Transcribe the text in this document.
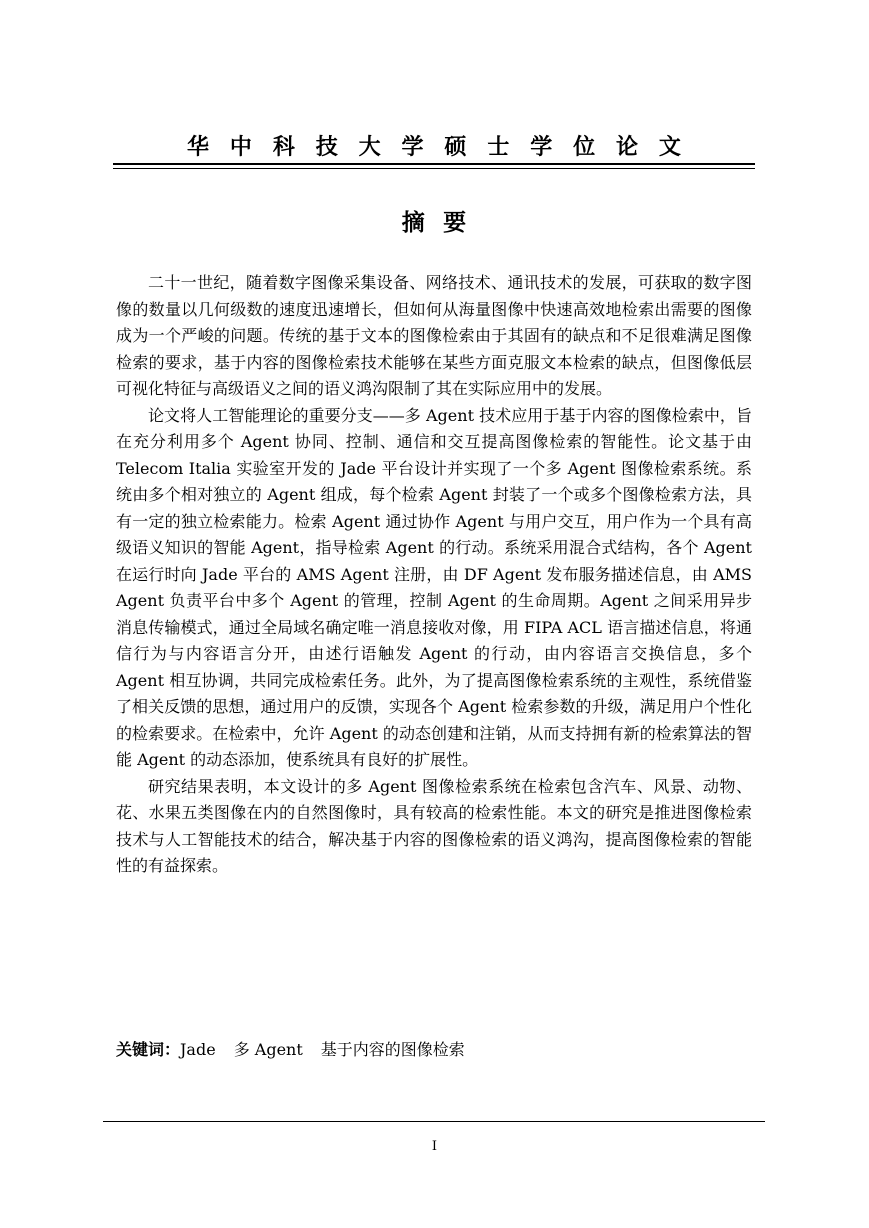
华中科技大学硕士学位论文
摘要

二十一世纪，随着数字图像采集设备、网络技术、通讯技术的发展，可获取的数字图像的数量以几何级数的速度迅速增长，但如何从海量图像中快速高效地检索出需要的图像成为一个严峻的问题。传统的基于文本的图像检索由于其固有的缺点和不足很难满足图像检索的要求，基于内容的图像检索技术能够在某些方面克服文本检索的缺点，但图像低层可视化特征与高级语义之间的语义鸿沟限制了其在实际应用中的发展。

论文将人工智能理论的重要分支——多 Agent 技术应用于基于内容的图像检索中，旨在充分利用多个 Agent 协同、控制、通信和交互提高图像检索的智能性。论文基于由 Telecom Italia 实验室开发的 Jade 平台设计并实现了一个多 Agent 图像检索系统。系统由多个相对独立的 Agent 组成，每个检索 Agent 封装了一个或多个图像检索方法，具有一定的独立检索能力。检索 Agent 通过协作 Agent 与用户交互，用户作为一个具有高级语义知识的智能 Agent，指导检索 Agent 的行动。系统采用混合式结构，各个 Agent 在运行时向 Jade 平台的 AMS Agent 注册，由 DF Agent 发布服务描述信息，由 AMS Agent 负责平台中多个 Agent 的管理，控制 Agent 的生命周期。Agent 之间采用异步消息传输模式，通过全局域名确定唯一消息接收对像，用 FIPA ACL 语言描述信息，将通信行为与内容语言分开，由述行语触发 Agent 的行动，由内容语言交换信息，多个 Agent 相互协调，共同完成检索任务。此外，为了提高图像检索系统的主观性，系统借鉴了相关反馈的思想，通过用户的反馈，实现各个 Agent 检索参数的升级，满足用户个性化的检索要求。在检索中，允许 Agent 的动态创建和注销，从而支持拥有新的检索算法的智能 Agent 的动态添加，使系统具有良好的扩展性。

研究结果表明，本文设计的多 Agent 图像检索系统在检索包含汽车、风景、动物、花、水果五类图像在内的自然图像时，具有较高的检索性能。本文的研究是推进图像检索技术与人工智能技术的结合，解决基于内容的图像检索的语义鸿沟，提高图像检索的智能性的有益探索。

关键词：Jade 多 Agent 基于内容的图像检索
I
